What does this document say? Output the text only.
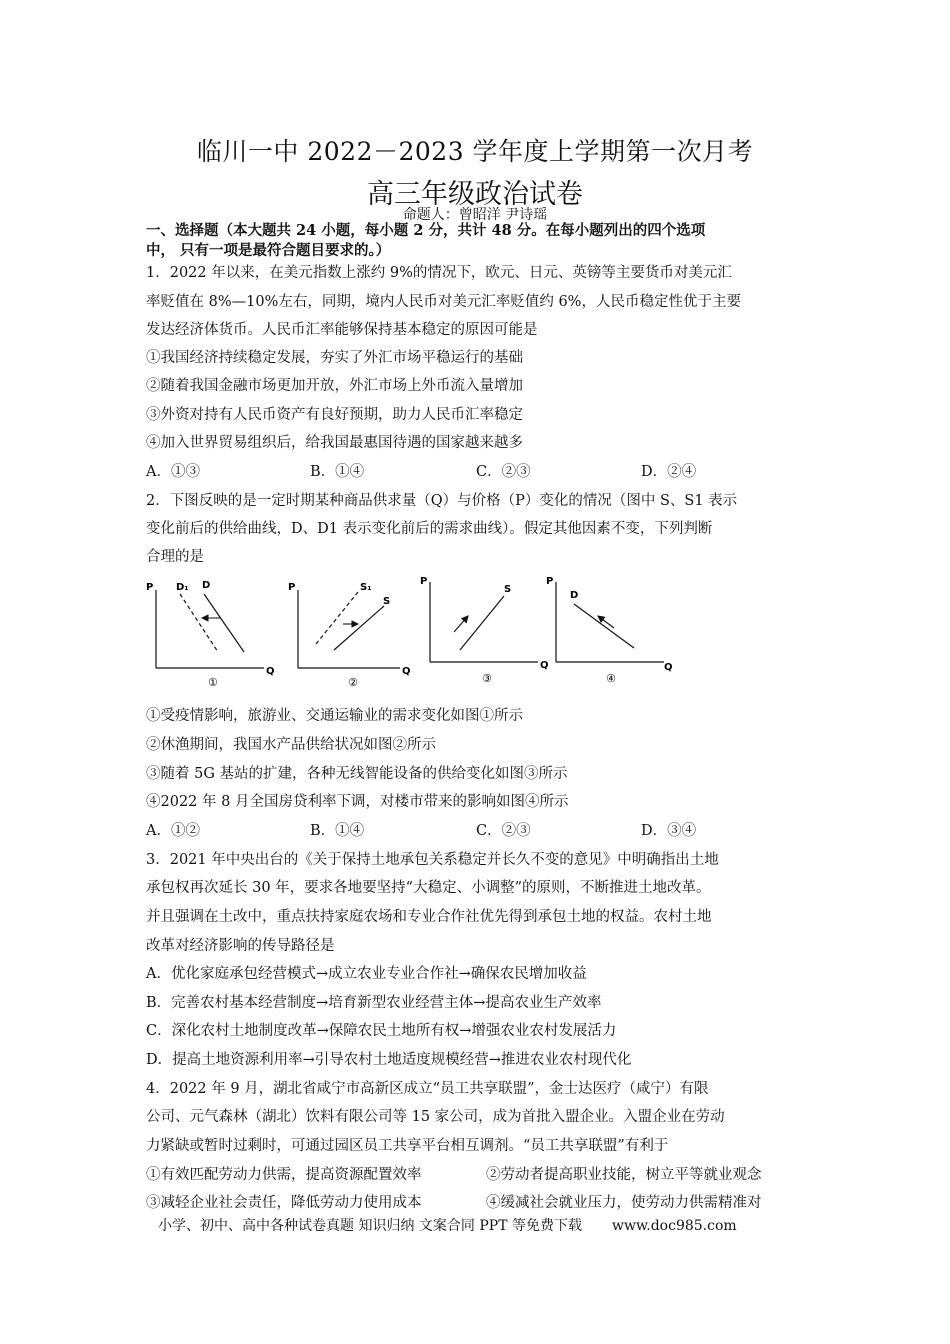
临川一中 2022－2023 学年度上学期第一次月考
高三年级政治试卷
命题人：曾昭洋 尹诗瑶
一、选择题（本大题共 24 小题，每小题 2 分，共计 48 分。在每小题列出的四个选项
中， 只有一项是最符合题目要求的。）
1．2022 年以来，在美元指数上涨约 9%的情况下，欧元、日元、英镑等主要货币对美元汇
率贬值在 8%—10%左右，同期，境内人民币对美元汇率贬值约 6%，人民币稳定性优于主要
发达经济体货币。人民币汇率能够保持基本稳定的原因可能是
①我国经济持续稳定发展，夯实了外汇市场平稳运行的基础
②随着我国金融市场更加开放，外汇市场上外币流入量增加
③外资对持有人民币资产有良好预期，助力人民币汇率稳定
④加入世界贸易组织后，给我国最惠国待遇的国家越来越多
A．①③	B．①④	C．②③	D．②④
2．下图反映的是一定时期某种商品供求量（Q）与价格（P）变化的情况（图中 S、S1 表示
变化前后的供给曲线，D、D1 表示变化前后的需求曲线）。假定其他因素不变，下列判断
合理的是
P
Q
D₁ D
①
P
Q
S₁
S
②
P
Q
S
③
P
Q
D
④
①受疫情影响，旅游业、交通运输业的需求变化如图①所示
②休渔期间，我国水产品供给状况如图②所示
③随着 5G 基站的扩建，各种无线智能设备的供给变化如图③所示
④2022 年 8 月全国房贷利率下调，对楼市带来的影响如图④所示
A．①②	B．①④	C．②③	D．③④
3．2021 年中央出台的《关于保持土地承包关系稳定并长久不变的意见》中明确指出土地
承包权再次延长 30 年，要求各地要坚持“大稳定、小调整”的原则，不断推进土地改革。
并且强调在土改中，重点扶持家庭农场和专业合作社优先得到承包土地的权益。农村土地
改革对经济影响的传导路径是
A．优化家庭承包经营模式→成立农业专业合作社→确保农民增加收益
B．完善农村基本经营制度→培育新型农业经营主体→提高农业生产效率
C．深化农村土地制度改革→保障农民土地所有权→增强农业农村发展活力
D．提高土地资源利用率→引导农村土地适度规模经营→推进农业农村现代化
4．2022 年 9 月，湖北省咸宁市高新区成立“员工共享联盟”，金士达医疗（咸宁）有限
公司、元气森林（湖北）饮料有限公司等 15 家公司，成为首批入盟企业。入盟企业在劳动
力紧缺或暂时过剩时，可通过园区员工共享平台相互调剂。“员工共享联盟”有利于
①有效匹配劳动力供需，提高资源配置效率	②劳动者提高职业技能，树立平等就业观念
③减轻企业社会责任，降低劳动力使用成本	④缓减社会就业压力，使劳动力供需精准对
小学、初中、高中各种试卷真题 知识归纳 文案合同 PPT 等免费下载 www.doc985.com
